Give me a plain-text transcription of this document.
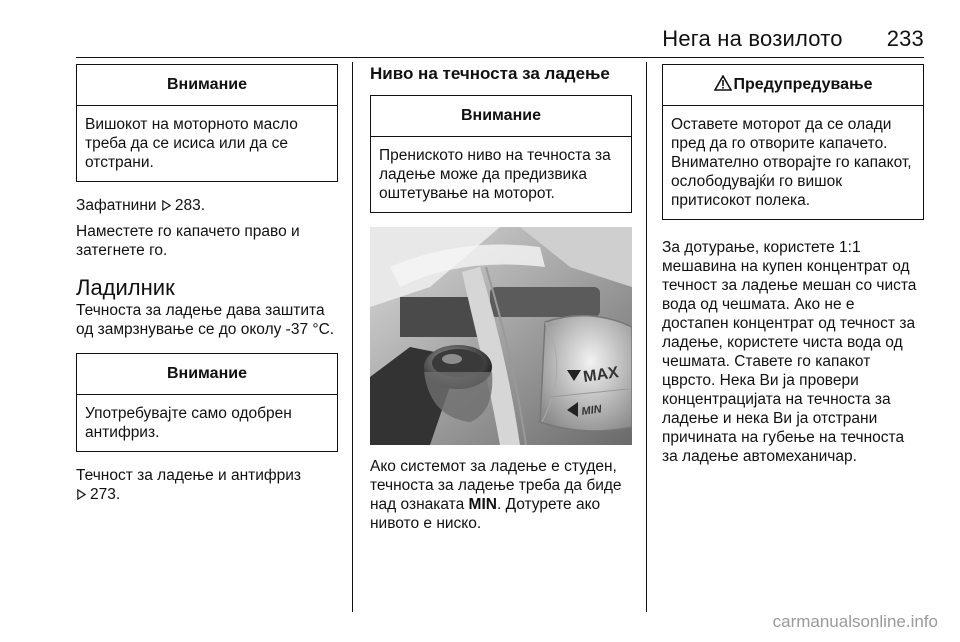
Нега на возилото 233
Внимание
Вишокот на моторното масло треба да се исиса или да се отстрани.

Зафатнини 283.

Наместете го капачето право и затегнете го.

Ладилник

Течноста за ладење дава заштита од замрзнување се до околу -37 °C.

Внимание
Употребувајте само одобрен антифриз.

Течност за ладење и антифриз
273.

Ниво на течноста за ладење
Внимание
Прениското ниво на течноста за ладење може да предизвика оштетување на моторот.
MAX
MIN

Ако системот за ладење е студен, течноста за ладење треба да биде над ознаката MIN. Дотурете ако нивото е ниско.

Предупредување
Оставете моторот да се олади пред да го отворите капачето. Внимателно отворајте го капакот, ослободувајќи го вишок притисокот полека.

За дотурање, користете 1:1 мешавина на купен концентрат од течност за ладење мешан со чиста вода од чешмата. Ако не е достапен концентрат од течност за ладење, користете чиста вода од чешмата. Ставете го капакот цврсто. Нека Ви ја провери концентрацијата на течноста за ладење и нека Ви ја отстрани причината на губење на течноста за ладење автомеханичар.

carmanualsonline.info
